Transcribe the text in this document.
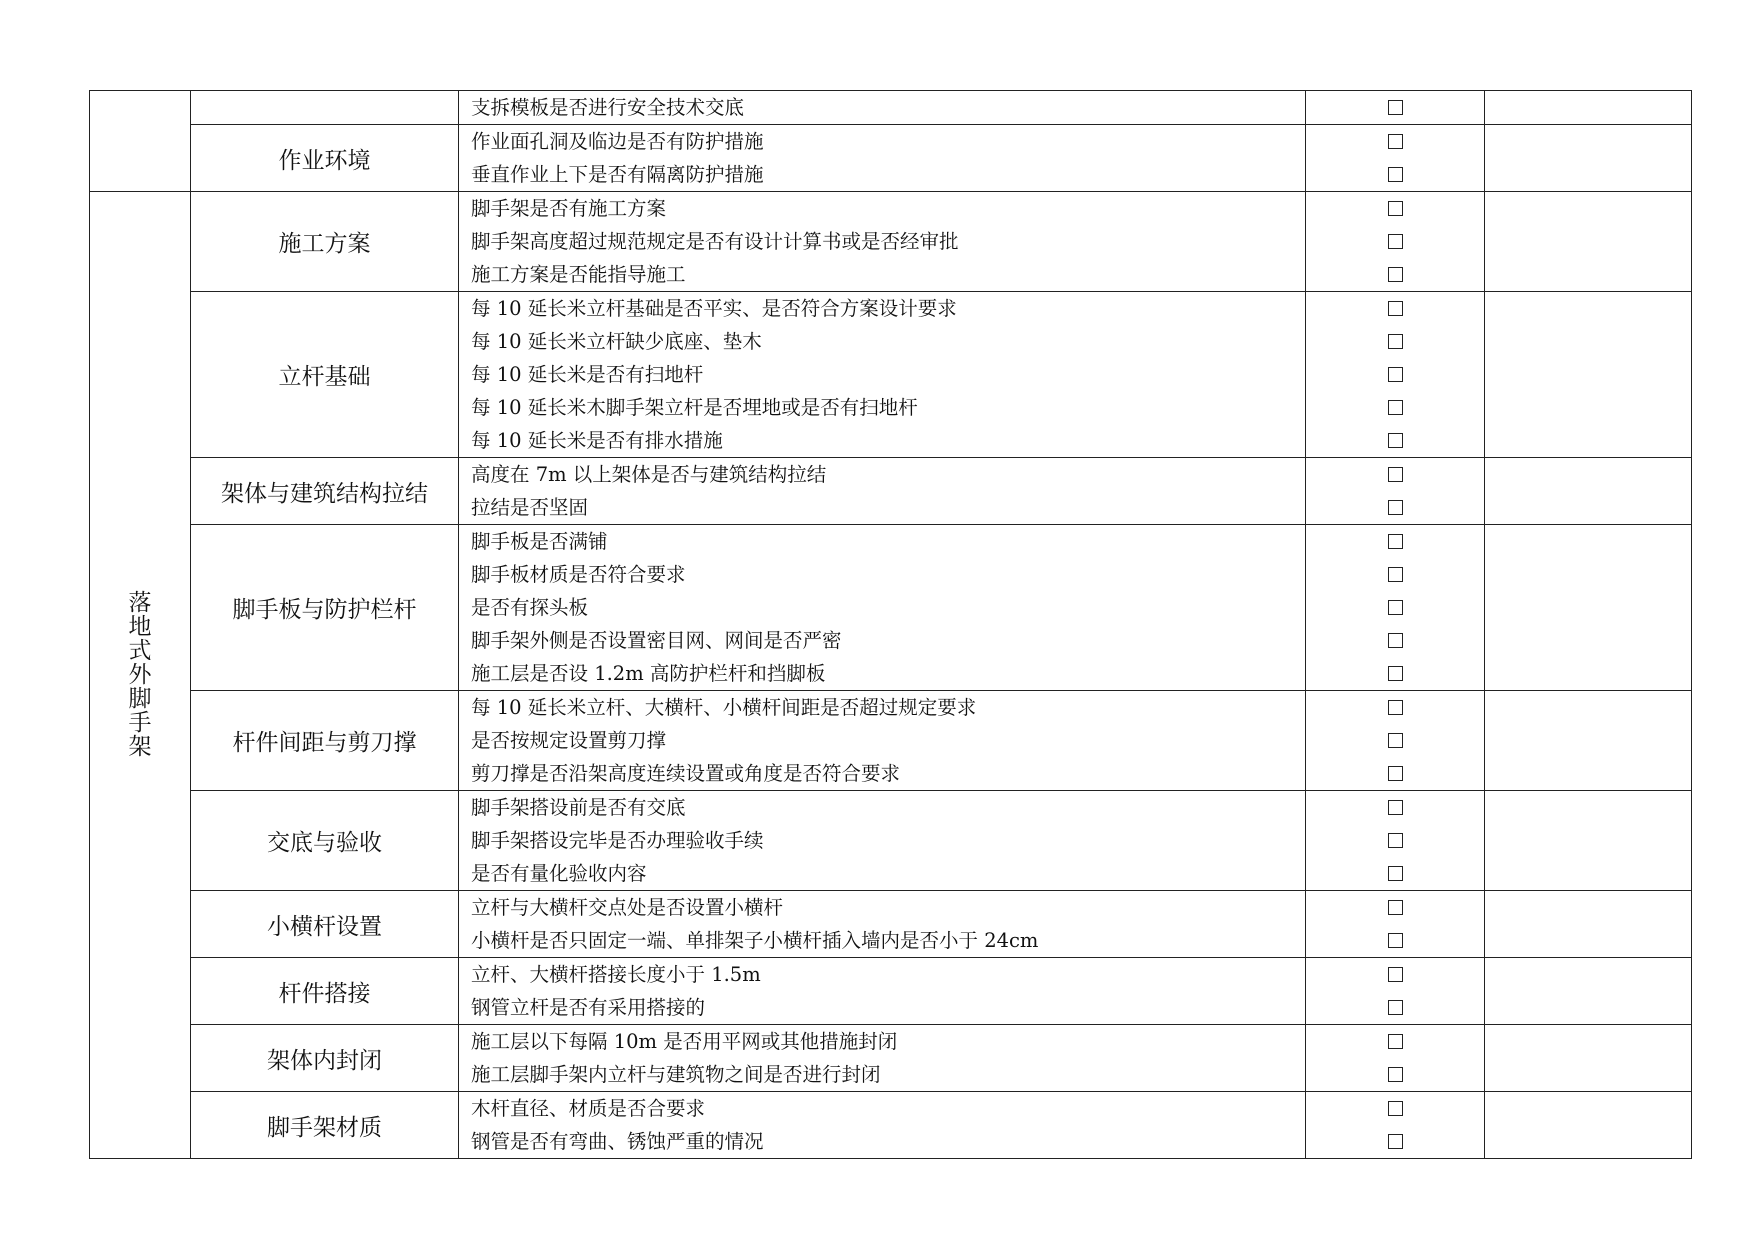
		支拆模板是否进行安全技术交底		

	作业环境	作业面孔洞及临边是否有防护措施
垂直作业上下是否有隔离防护措施		

落地式外脚手架	施工方案	脚手架是否有施工方案
脚手架高度超过规范规定是否有设计计算书或是否经审批
施工方案是否能指导施工		

	立杆基础	每 10 延长米立杆基础是否平实、是否符合方案设计要求
每 10 延长米立杆缺少底座、垫木
每 10 延长米是否有扫地杆
每 10 延长米木脚手架立杆是否埋地或是否有扫地杆
每 10 延长米是否有排水措施		

	架体与建筑结构拉结	高度在 7m 以上架体是否与建筑结构拉结
拉结是否坚固		

	脚手板与防护栏杆	脚手板是否满铺
脚手板材质是否符合要求
是否有探头板
脚手架外侧是否设置密目网、网间是否严密
施工层是否设 1.2m 高防护栏杆和挡脚板		

	杆件间距与剪刀撑	每 10 延长米立杆、大横杆、小横杆间距是否超过规定要求
是否按规定设置剪刀撑
剪刀撑是否沿架高度连续设置或角度是否符合要求		

	交底与验收	脚手架搭设前是否有交底
脚手架搭设完毕是否办理验收手续
是否有量化验收内容		

	小横杆设置	立杆与大横杆交点处是否设置小横杆
小横杆是否只固定一端、单排架子小横杆插入墙内是否小于 24cm		

	杆件搭接	立杆、大横杆搭接长度小于 1.5m
钢管立杆是否有采用搭接的		

	架体内封闭	施工层以下每隔 10m 是否用平网或其他措施封闭
施工层脚手架内立杆与建筑物之间是否进行封闭		

	脚手架材质	木杆直径、材质是否合要求
钢管是否有弯曲、锈蚀严重的情况		
